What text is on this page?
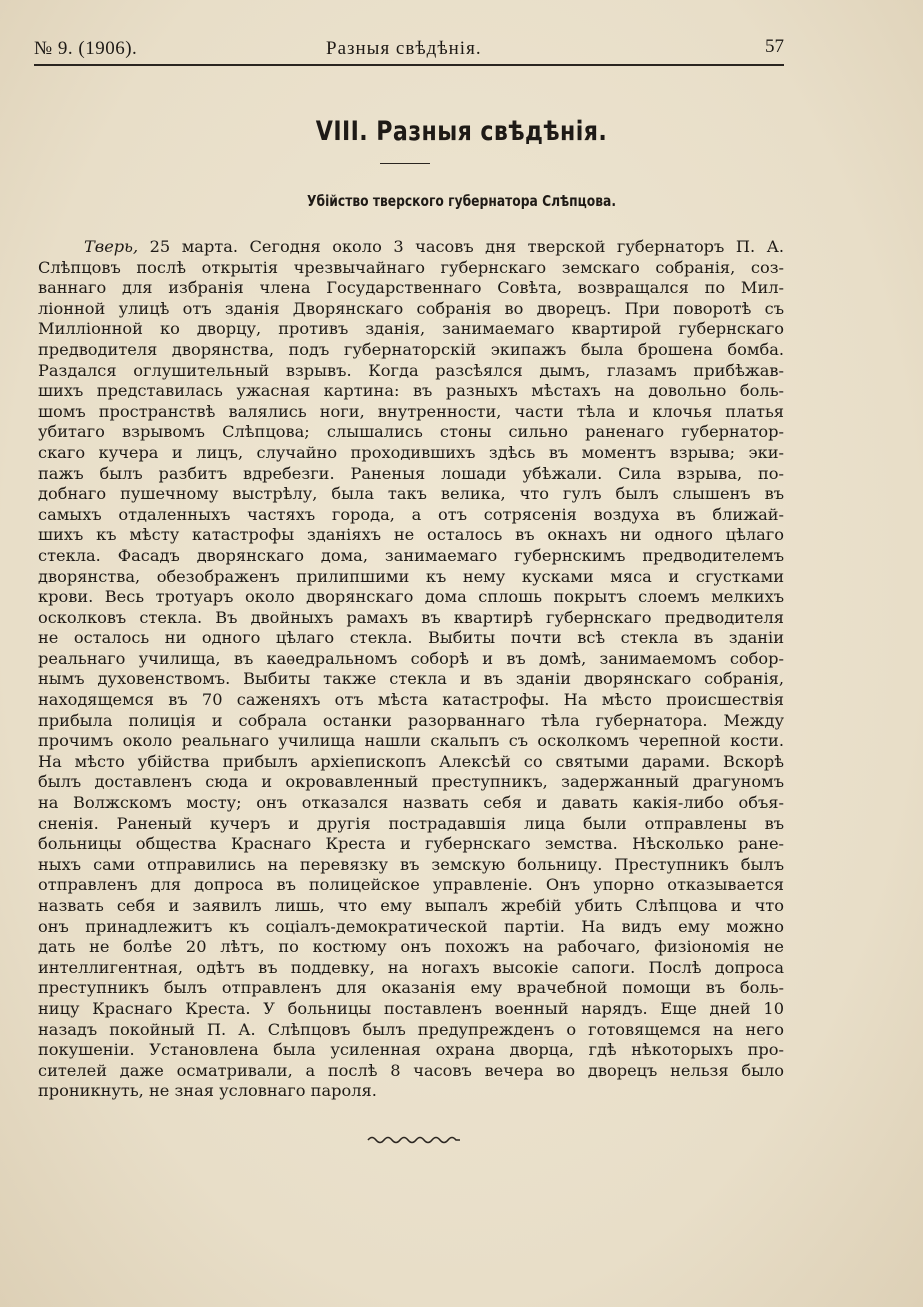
№ 9. (1906).	Разныя свѣдѣнія.	57
VIII. Разныя свѣдѣнія.
Убійство тверского губернатора Слѣпцова.
Тверь, 25 марта. Сегодня около 3 часовъ дня тверской губернаторъ П. А.
Слѣпцовъ послѣ открытія чрезвычайнаго губернскаго земскаго собранія, соз-
ваннаго для избранія члена Государственнаго Совѣта, возвращался по Мил-
ліонной улицѣ отъ зданія Дворянскаго собранія во дворецъ. При поворотѣ съ
Милліонной ко дворцу, противъ зданія, занимаемаго квартирой губернскаго
предводителя дворянства, подъ губернаторскій экипажъ была брошена бомба.
Раздался оглушительный взрывъ. Когда разсѣялся дымъ, глазамъ прибѣжав-
шихъ представилась ужасная картина: въ разныхъ мѣстахъ на довольно боль-
шомъ пространствѣ валялись ноги, внутренности, части тѣла и клочья платья
убитаго взрывомъ Слѣпцова; слышались стоны сильно раненаго губернатор-
скаго кучера и лицъ, случайно проходившихъ здѣсь въ моментъ взрыва; эки-
пажъ былъ разбитъ вдребезги. Раненыя лошади убѣжали. Сила взрыва, по-
добнаго пушечному выстрѣлу, была такъ велика, что гулъ былъ слышенъ въ
самыхъ отдаленныхъ частяхъ города, а отъ сотрясенія воздуха въ ближай-
шихъ къ мѣсту катастрофы зданіяхъ не осталось въ окнахъ ни одного цѣлаго
стекла. Фасадъ дворянскаго дома, занимаемаго губернскимъ предводителемъ
дворянства, обезображенъ прилипшими къ нему кусками мяса и сгустками
крови. Весь тротуаръ около дворянскаго дома сплошь покрытъ слоемъ мелкихъ
осколковъ стекла. Въ двойныхъ рамахъ въ квартирѣ губернскаго предводителя
не осталось ни одного цѣлаго стекла. Выбиты почти всѣ стекла въ зданіи
реальнаго училища, въ каѳедральномъ соборѣ и въ домѣ, занимаемомъ собор-
нымъ духовенствомъ. Выбиты также стекла и въ зданіи дворянскаго собранія,
находящемся въ 70 саженяхъ отъ мѣста катастрофы. На мѣсто происшествія
прибыла полиція и собрала останки разорваннаго тѣла губернатора. Между
прочимъ около реальнаго училища нашли скальпъ съ осколкомъ черепной кости.
На мѣсто убійства прибылъ архіепископъ Алексѣй со святыми дарами. Вскорѣ
былъ доставленъ сюда и окровавленный преступникъ, задержанный драгуномъ
на Волжскомъ мосту; онъ отказался назвать себя и давать какія-либо объя-
сненія. Раненый кучеръ и другія пострадавшія лица были отправлены въ
больницы общества Краснаго Креста и губернскаго земства. Нѣсколько ране-
ныхъ сами отправились на перевязку въ земскую больницу. Преступникъ былъ
отправленъ для допроса въ полицейское управленіе. Онъ упорно отказывается
назвать себя и заявилъ лишь, что ему выпалъ жребій убить Слѣпцова и что
онъ принадлежитъ къ соціалъ-демократической партіи. На видъ ему можно
дать не болѣе 20 лѣтъ, по костюму онъ похожъ на рабочаго, физіономія не
интеллигентная, одѣтъ въ поддевку, на ногахъ высокіе сапоги. Послѣ допроса
преступникъ былъ отправленъ для оказанія ему врачебной помощи въ боль-
ницу Краснаго Креста. У больницы поставленъ военный нарядъ. Еще дней 10
назадъ покойный П. А. Слѣпцовъ былъ предупрежденъ о готовящемся на него
покушеніи. Установлена была усиленная охрана дворца, гдѣ нѣкоторыхъ про-
сителей даже осматривали, а послѣ 8 часовъ вечера во дворецъ нельзя было
проникнуть, не зная условнаго пароля.
